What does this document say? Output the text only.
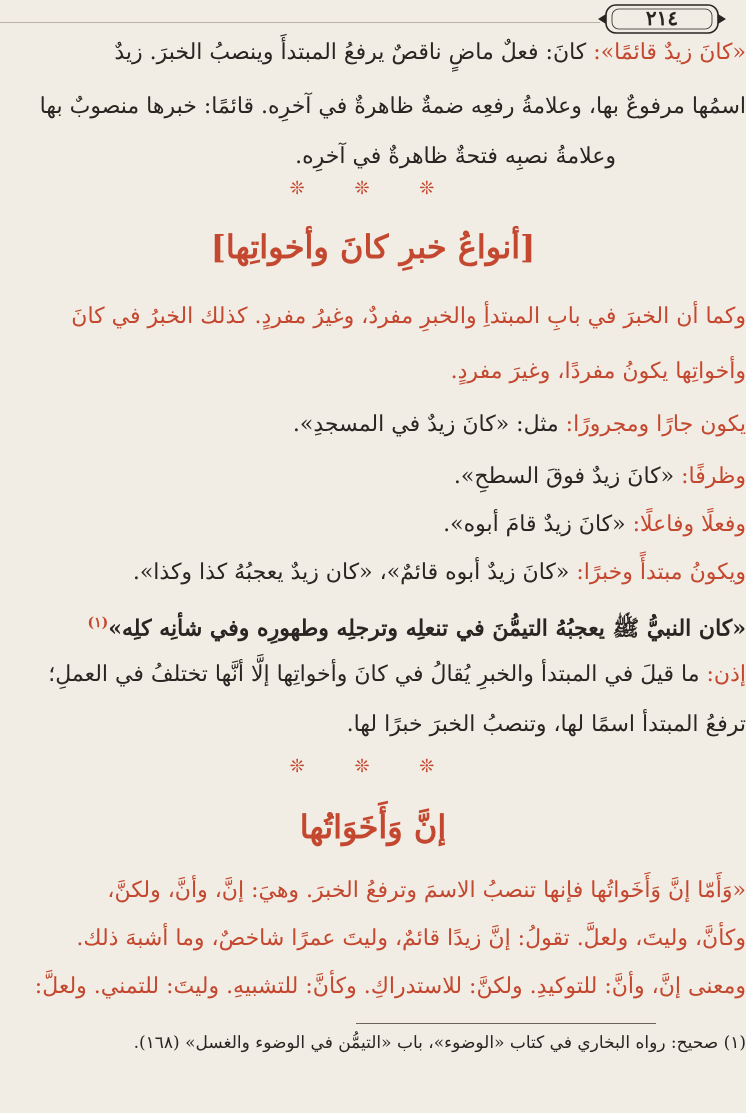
٢١٤
«كانَ زيدٌ قائمًا»: كانَ: فعلٌ ماضٍ ناقصٌ يرفعُ المبتدأَ وينصبُ الخبرَ. زيدٌ
اسمُها مرفوعٌ بها، وعلامةُ رفعِه ضمةٌ ظاهرةٌ في آخرِه. قائمًا: خبرها منصوبٌ بها
وعلامةُ نصبِه فتحةٌ ظاهرةٌ في آخرِه.
❊ ❊ ❊
[أنواعُ خبرِ كانَ وأخواتِها]
وكما أن الخبرَ في بابِ المبتدأِ والخبرِ مفردٌ، وغيرُ مفردٍ. كذلك الخبرُ في كانَ
وأخواتِها يكونُ مفردًا، وغيرَ مفردٍ.
يكون جارًا ومجرورًا: مثل: «كانَ زيدٌ في المسجدِ».
وظرفًا: «كانَ زيدٌ فوقَ السطحِ».
وفعلًا وفاعلًا: «كانَ زيدٌ قامَ أبوه».
ويكونُ مبتدأً وخبرًا: «كانَ زيدٌ أبوه قائمٌ»، «كان زيدٌ يعجبُهُ كذا وكذا».
«كان النبيُّ ﷺ يعجبُهُ التيمُّنَ في تنعلِه وترجلِه وطهورِه وفي شأنِه كلِه»$^{(١)}$
إذن: ما قيلَ في المبتدأ والخبرِ يُقالُ في كانَ وأخواتِها إلَّا أنَّها تختلفُ في العملِ؛
ترفعُ المبتدأ اسمًا لها، وتنصبُ الخبرَ خبرًا لها.
❊ ❊ ❊
إنَّ وَأَخَوَاتُها
«وَأَمّا إنَّ وَأَخَواتُها فإنها تنصبُ الاسمَ وترفعُ الخبرَ. وهيَ: إنَّ، وأنَّ، ولكنَّ،
وكأنَّ، وليتَ، ولعلَّ. تقولُ: إنَّ زيدًا قائمٌ، وليتَ عمرًا شاخصٌ، وما أشبهَ ذلك.
ومعنى إنَّ، وأنَّ: للتوكيدِ. ولكنَّ: للاستدراكِ. وكأنَّ: للتشبيهِ. وليتَ: للتمني. ولعلَّ:
(١) صحيح: رواه البخاري في كتاب «الوضوء»، باب «التيمُّن في الوضوء والغسل» (١٦٨).
